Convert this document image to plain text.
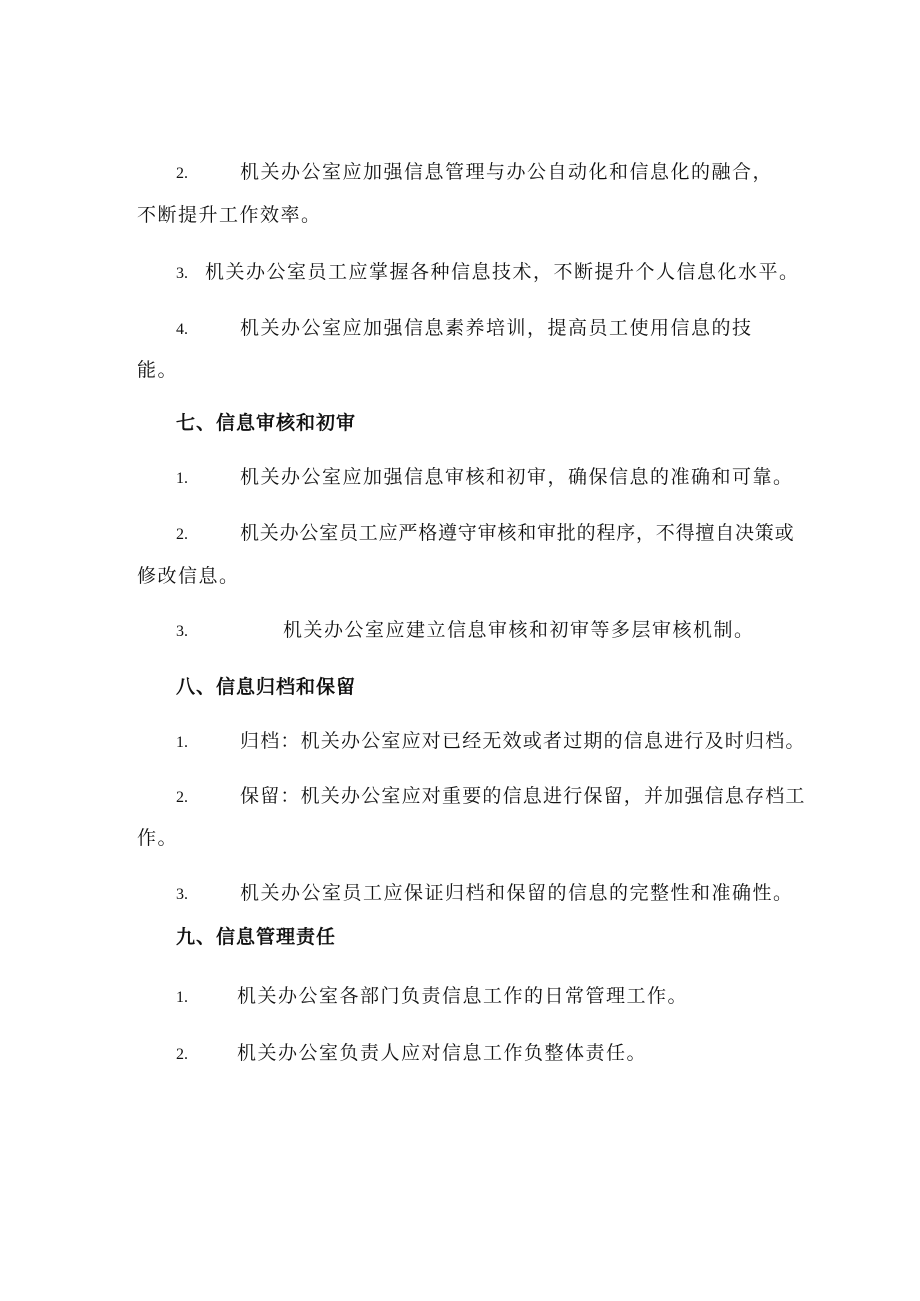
2.	机关办公室应加强信息管理与办公自动化和信息化的融合，
不断提升工作效率。
3. 机关办公室员工应掌握各种信息技术，不断提升个人信息化水平。
4.	机关办公室应加强信息素养培训，提高员工使用信息的技
能。
七、信息审核和初审
1.	机关办公室应加强信息审核和初审，确保信息的准确和可靠。
2.	机关办公室员工应严格遵守审核和审批的程序，不得擅自决策或
修改信息。
3.	机关办公室应建立信息审核和初审等多层审核机制。
八、信息归档和保留
1.	归档：机关办公室应对已经无效或者过期的信息进行及时归档。
2.	保留：机关办公室应对重要的信息进行保留，并加强信息存档工
作。
3.	机关办公室员工应保证归档和保留的信息的完整性和准确性。
九、信息管理责任
1.	机关办公室各部门负责信息工作的日常管理工作。
2.	机关办公室负责人应对信息工作负整体责任。
